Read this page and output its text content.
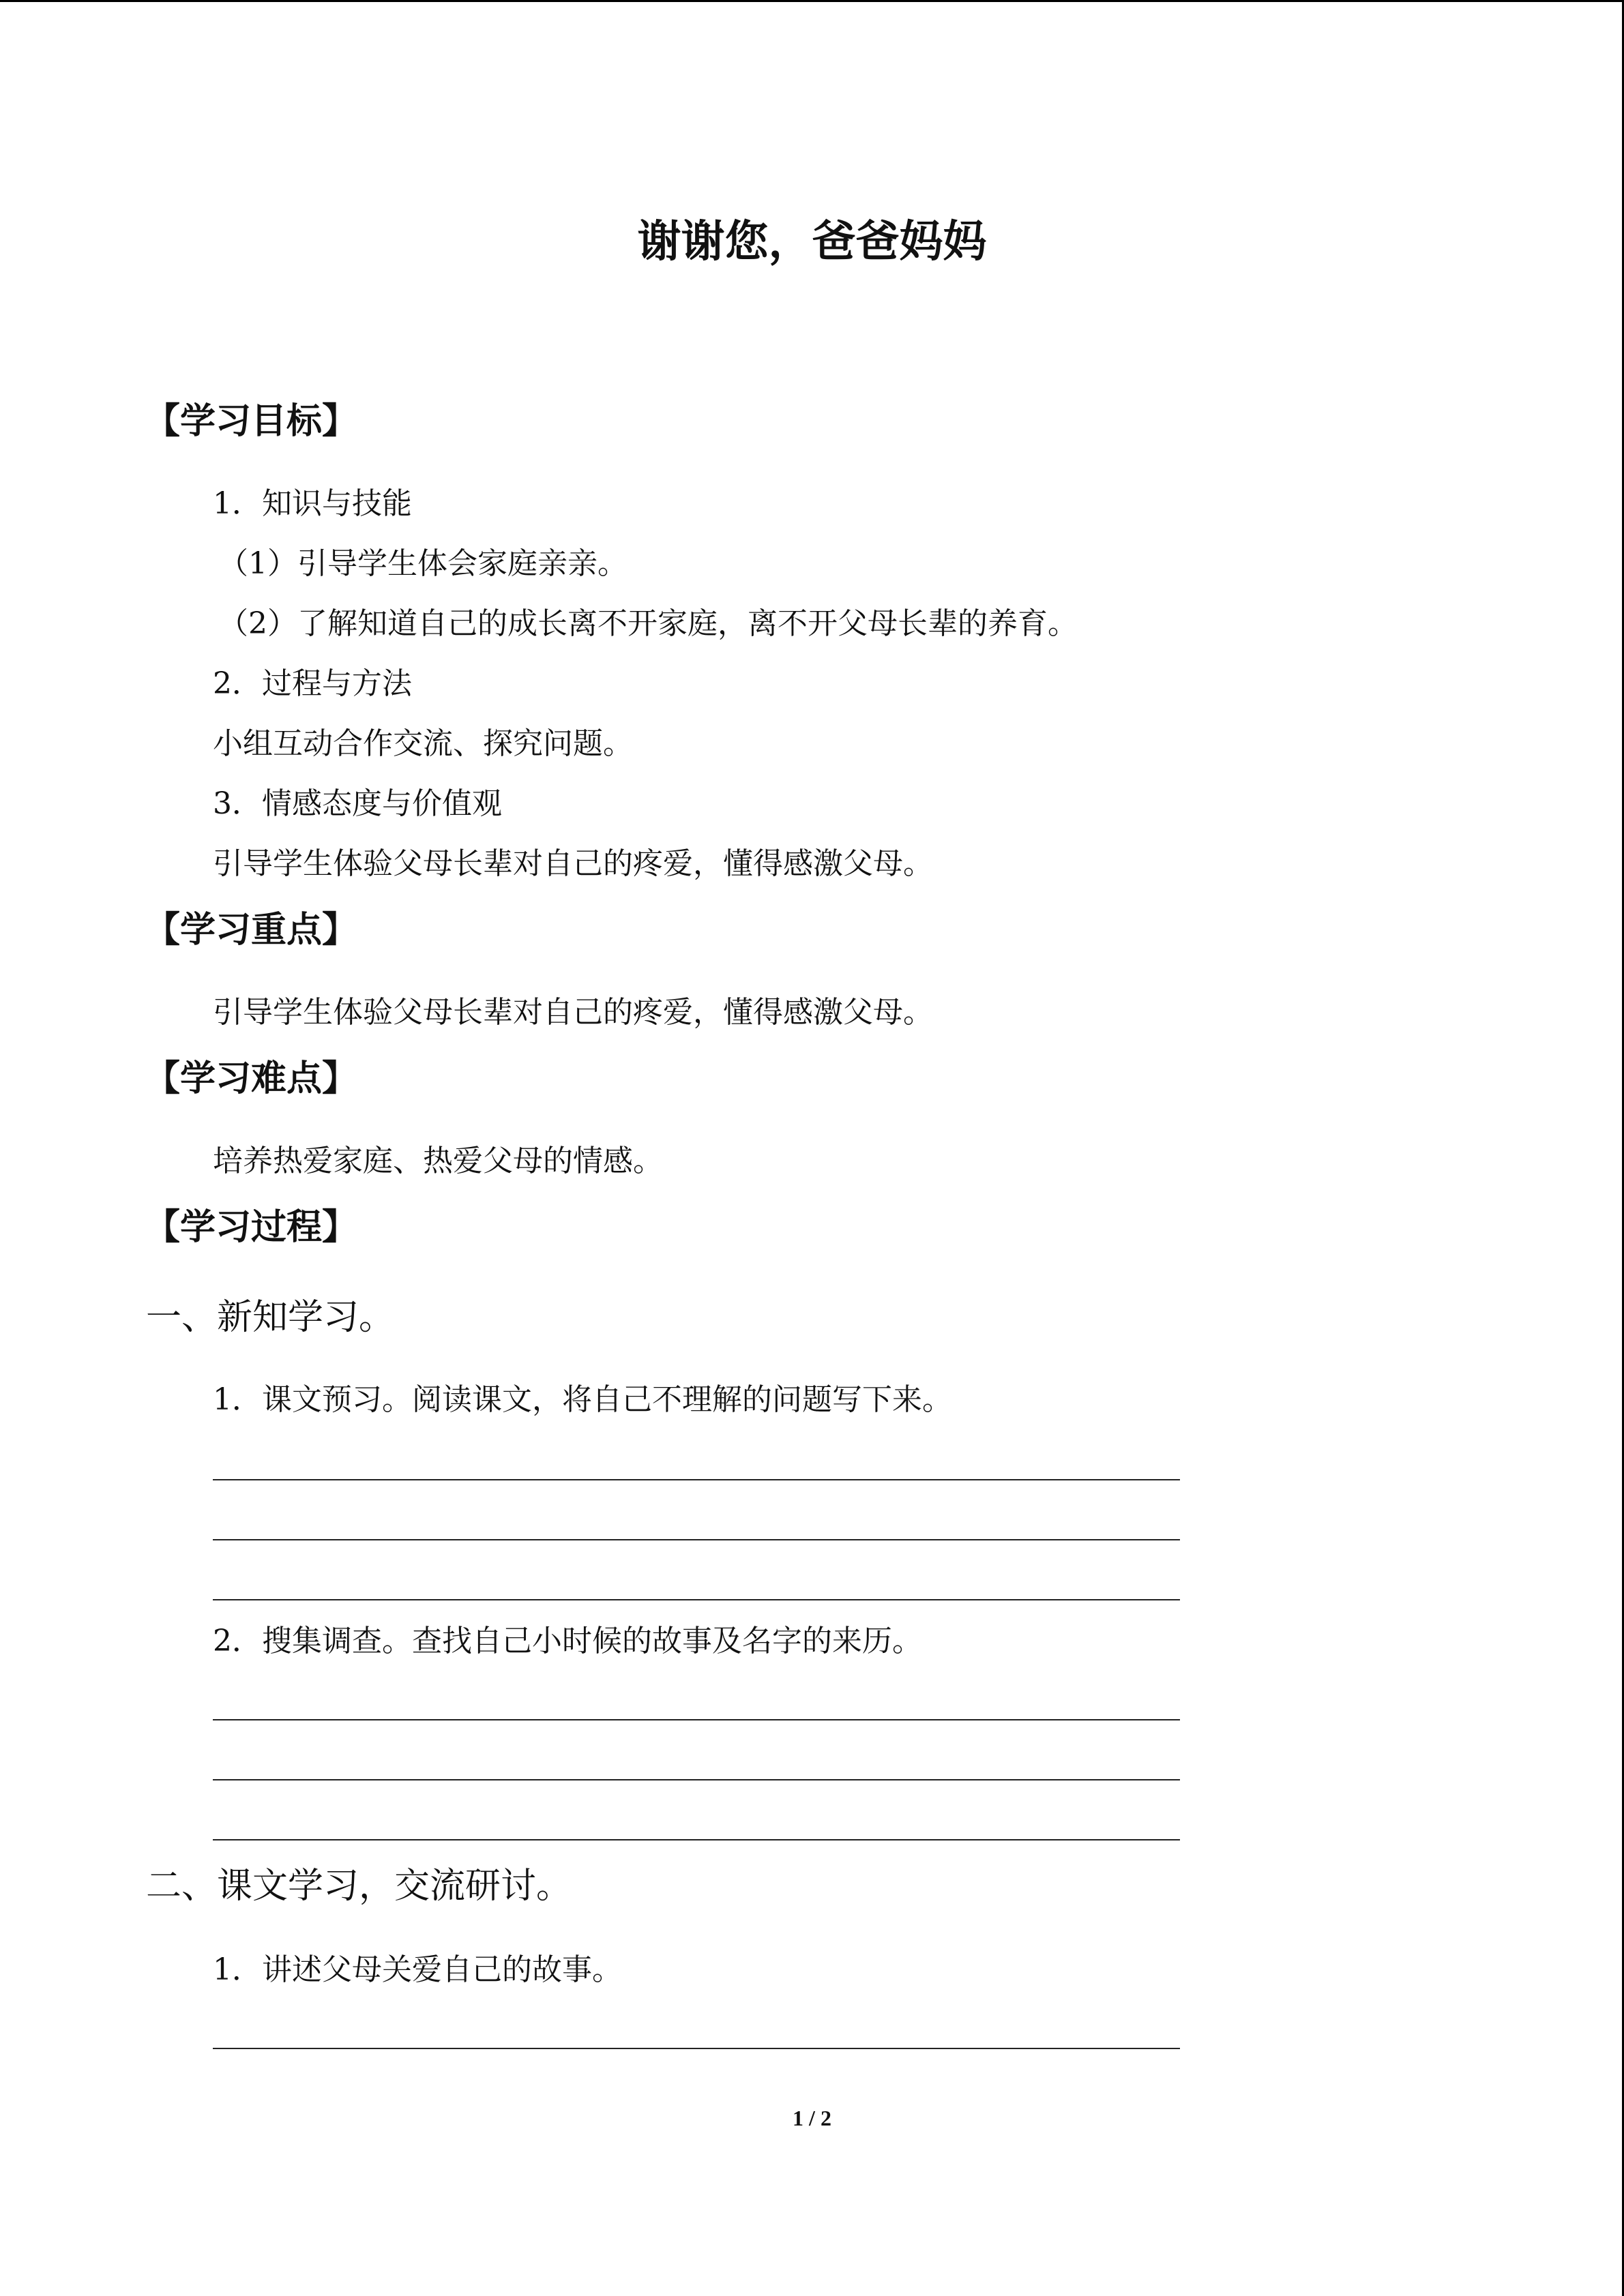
谢谢您，爸爸妈妈
【学习目标】
1．知识与技能
（1）引导学生体会家庭亲亲。
（2）了解知道自己的成长离不开家庭，离不开父母长辈的养育。
2．过程与方法
小组互动合作交流、探究问题。
3．情感态度与价值观
引导学生体验父母长辈对自己的疼爱，懂得感激父母。
【学习重点】
引导学生体验父母长辈对自己的疼爱，懂得感激父母。
【学习难点】
培养热爱家庭、热爱父母的情感。
【学习过程】
一、新知学习。
1．课文预习。阅读课文，将自己不理解的问题写下来。
2．搜集调查。查找自己小时候的故事及名字的来历。
二、课文学习，交流研讨。
1．讲述父母关爱自己的故事。
1 / 2
